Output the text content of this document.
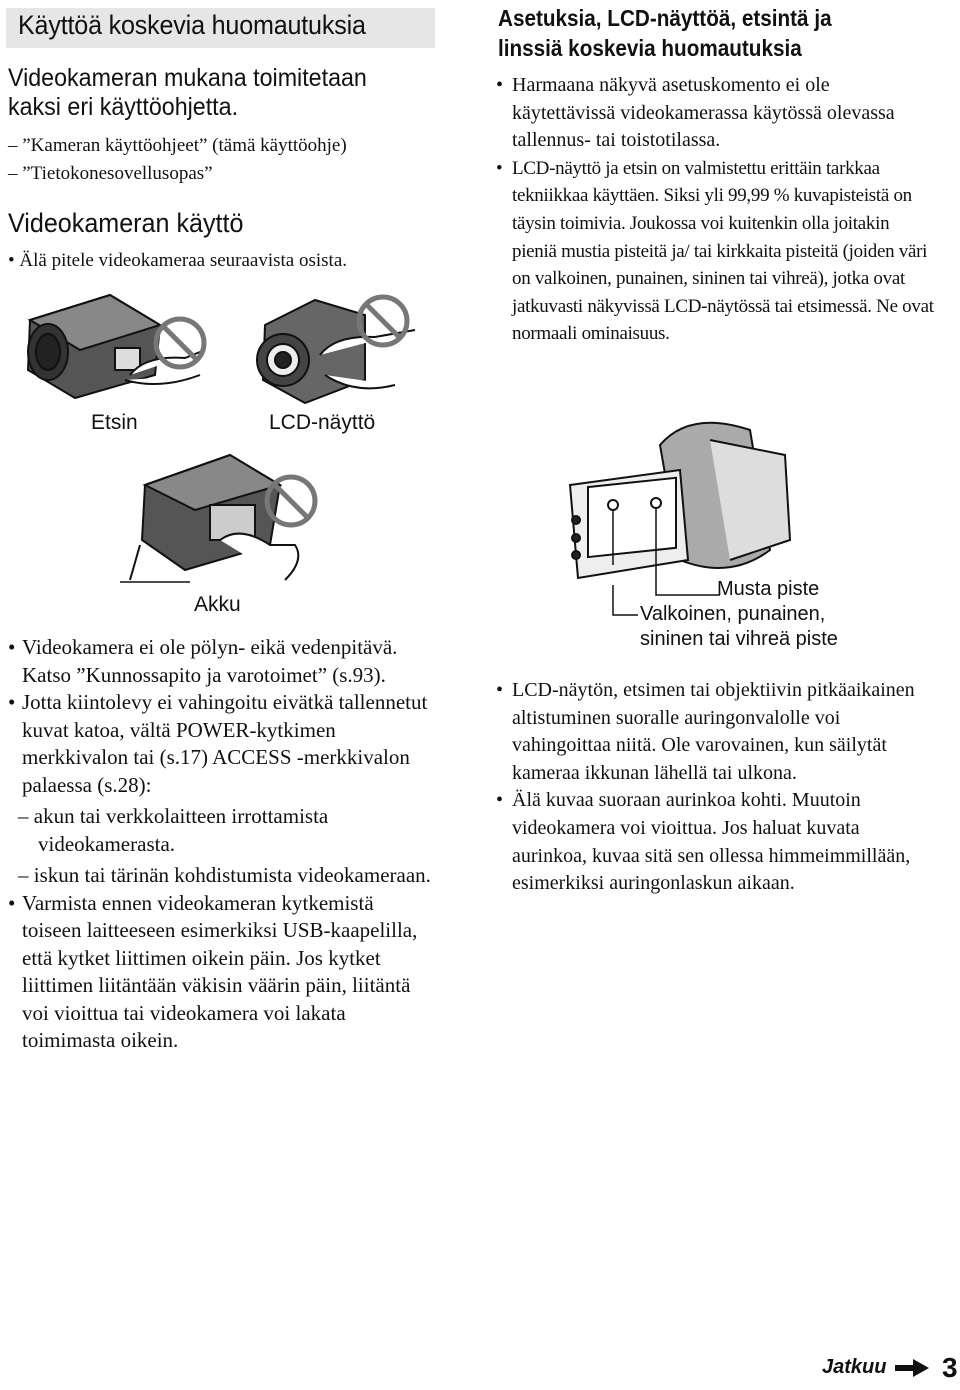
Käyttöä koskevia huomautuksia
Videokameran mukana toimitetaan kaksi eri käyttöohjetta.
– ”Kameran käyttöohjeet” (tämä käyttöohje)
– ”Tietokonesovellusopas”
Videokameran käyttö
• Älä pitele videokameraa seuraavista osista.
Etsin	LCD-näyttö
Akku
• Videokamera ei ole pölyn- eikä vedenpitävä. Katso ”Kunnossapito ja varotoimet” (s.93).
• Jotta kiintolevy ei vahingoitu eivätkä tallennetut kuvat katoa, vältä POWER-kytkimen merkkivalon tai (s.17) ACCESS -merkkivalon palaessa (s.28):
– akun tai verkkolaitteen irrottamista videokamerasta.
– iskun tai tärinän kohdistumista videokameraan.
• Varmista ennen videokameran kytkemistä toiseen laitteeseen esimerkiksi USB-kaapelilla, että kytket liittimen oikein päin. Jos kytket liittimen liitäntään väkisin väärin päin, liitäntä voi vioittua tai videokamera voi lakata toimimasta oikein.
Asetuksia, LCD-näyttöä, etsintä ja linssiä koskevia huomautuksia
• Harmaana näkyvä asetuskomento ei ole käytettävissä videokamerassa käytössä olevassa tallennus- tai toistotilassa.
• LCD-näyttö ja etsin on valmistettu erittäin tarkkaa tekniikkaa käyttäen. Siksi yli 99,99 % kuvapisteistä on täysin toimivia. Joukossa voi kuitenkin olla joitakin pieniä mustia pisteitä ja/ tai kirkkaita pisteitä (joiden väri on valkoinen, punainen, sininen tai vihreä), jotka ovat jatkuvasti näkyvissä LCD-näytössä tai etsimessä. Ne ovat normaali ominaisuus.
Musta piste
Valkoinen, punainen,
sininen tai vihreä piste
• LCD-näytön, etsimen tai objektiivin pitkäaikainen altistuminen suoralle auringonvalolle voi vahingoittaa niitä. Ole varovainen, kun säilytät kameraa ikkunan lähellä tai ulkona.
• Älä kuvaa suoraan aurinkoa kohti. Muutoin videokamera voi vioittua. Jos haluat kuvata aurinkoa, kuvaa sitä sen ollessa himmeimmillään, esimerkiksi auringonlaskun aikaan.
Jatkuu 3
